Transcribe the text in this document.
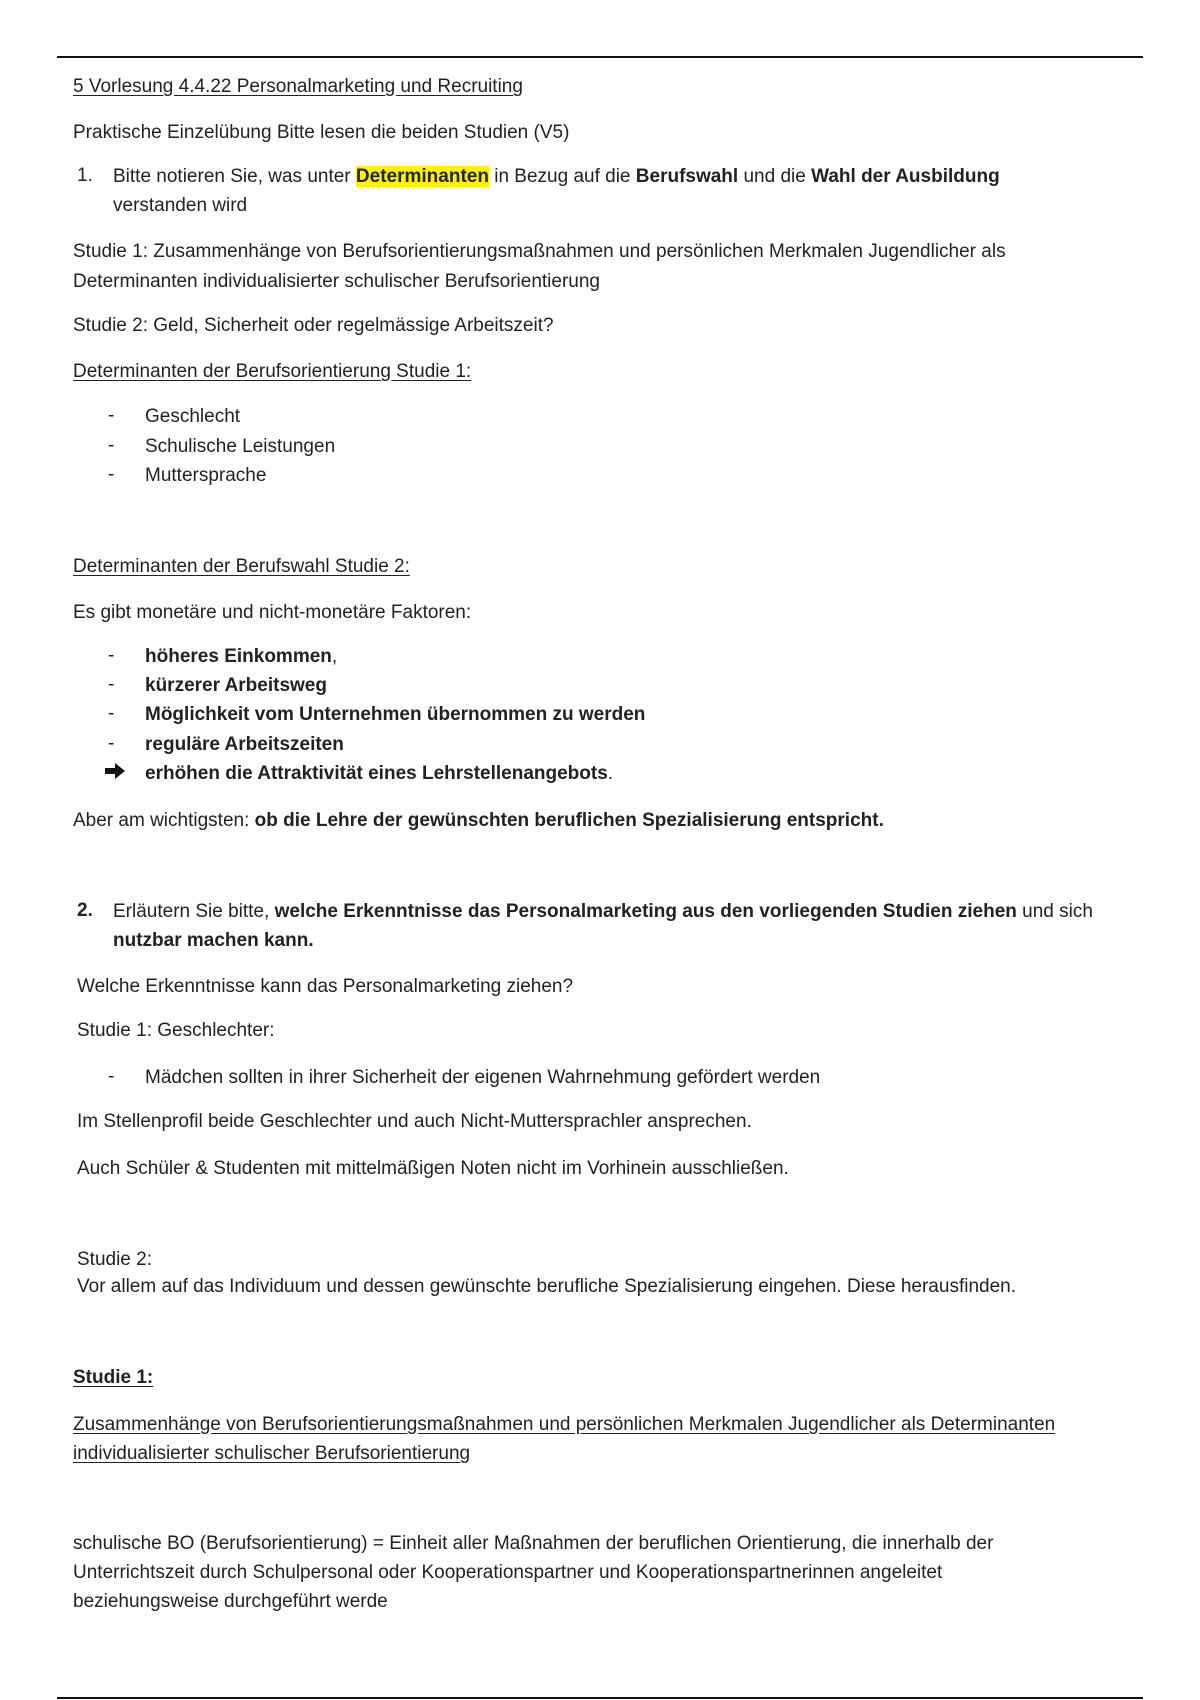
5 Vorlesung 4.4.22 Personalmarketing und Recruiting
Praktische Einzelübung Bitte lesen die beiden Studien (V5)
1. Bitte notieren Sie, was unter Determinanten in Bezug auf die Berufswahl und die Wahl der Ausbildung
verstanden wird
Studie 1: Zusammenhänge von Berufsorientierungsmaßnahmen und persönlichen Merkmalen Jugendlicher als
Determinanten individualisierter schulischer Berufsorientierung
Studie 2: Geld, Sicherheit oder regelmässige Arbeitszeit?
Determinanten der Berufsorientierung Studie 1:
- Geschlecht
- Schulische Leistungen
- Muttersprache
Determinanten der Berufswahl Studie 2:
Es gibt monetäre und nicht-monetäre Faktoren:
- höheres Einkommen,
- kürzerer Arbeitsweg
- Möglichkeit vom Unternehmen übernommen zu werden
- reguläre Arbeitszeiten
erhöhen die Attraktivität eines Lehrstellenangebots.
Aber am wichtigsten: ob die Lehre der gewünschten beruflichen Spezialisierung entspricht.
2. Erläutern Sie bitte, welche Erkenntnisse das Personalmarketing aus den vorliegenden Studien ziehen und sich
nutzbar machen kann.
Welche Erkenntnisse kann das Personalmarketing ziehen?
Studie 1: Geschlechter:
- Mädchen sollten in ihrer Sicherheit der eigenen Wahrnehmung gefördert werden
Im Stellenprofil beide Geschlechter und auch Nicht-Muttersprachler ansprechen.
Auch Schüler & Studenten mit mittelmäßigen Noten nicht im Vorhinein ausschließen.
Studie 2:
Vor allem auf das Individuum und dessen gewünschte berufliche Spezialisierung eingehen. Diese herausfinden.
Studie 1:
Zusammenhänge von Berufsorientierungsmaßnahmen und persönlichen Merkmalen Jugendlicher als Determinanten
individualisierter schulischer Berufsorientierung
schulische BO (Berufsorientierung) = Einheit aller Maßnahmen der beruflichen Orientierung, die innerhalb der
Unterrichtszeit durch Schulpersonal oder Kooperationspartner und Kooperationspartnerinnen angeleitet
beziehungsweise durchgeführt werde
